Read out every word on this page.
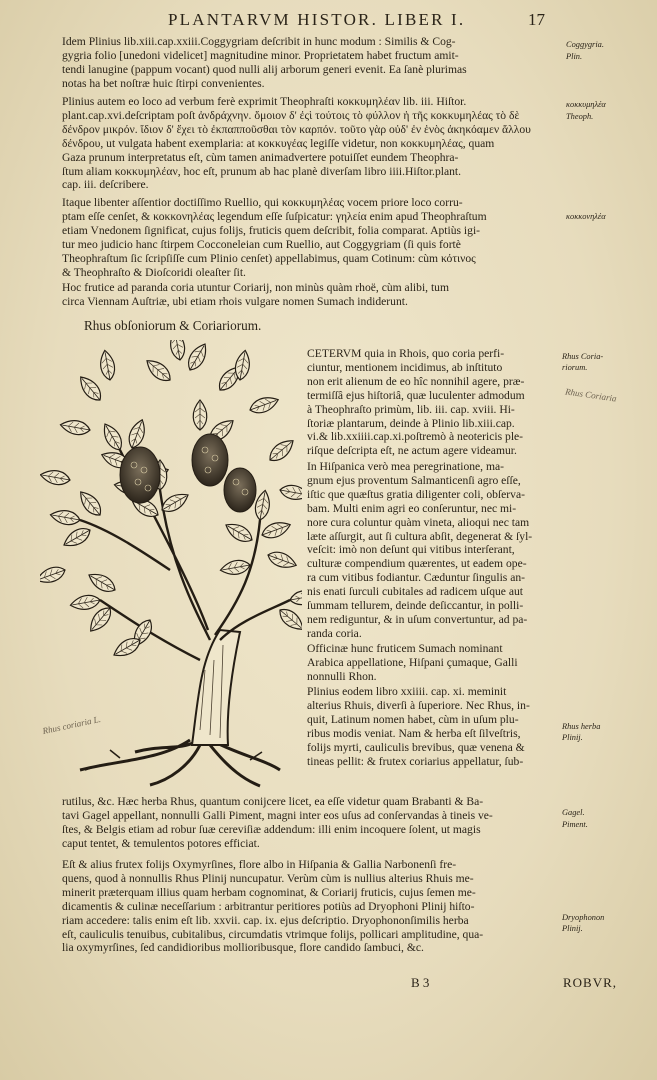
PLANTARVM HISTOR. LIBER I.	17
Idem Plinius lib.xiii.cap.xxiii.Coggygriam deſcribit in hunc modum : Similis & Cog-
gygria folio [unedoni videlicet] magnitudine minor. Proprietatem habet fructum amit-
tendi lanugine (pappum vocant) quod nulli alij arborum generi evenit. Ea ſanè plurimas
notas ha bet noſtræ huic ſtirpi convenientes.
Plinius autem eo loco ad verbum ferè exprimit Theophraſti κοκκυμηλέαν lib. iii. Hiſtor.
plant.cap.xvi.deſcriptam poſt ἀνδράχνην. ὅμοιον δ' ἐςὶ τούτοις τὸ φύλλον ἡ τῆς κοκκυμηλέας τὸ δὲ
δένδρον μικρόν. ἴδιον δ' ἔχει τὸ ἐκπαπποῦσθαι τὸν καρπόν. τοῦτο γὰρ οὐδ' ἐν ἑνὸς ἀκηκόαμεν ἄλλου
δένδρου, ut vulgata habent exemplaria: at κοκκυγέας legiſſe videtur, non κοκκυμηλέας, quam
Gaza prunum interpretatus eſt, cùm tamen animadvertere potuiſſet eundem Theophra-
ſtum aliam κοκκυμηλέαν, hoc eſt, prunum ab hac planè diverſam libro iiii.Hiſtor.plant.
cap. iii. deſcribere.
Itaque libenter aſſentior doctiſſimo Ruellio, qui κοκκυμηλέας vocem priore loco corru-
ptam eſſe cenſet, & κοκκονηλέας legendum eſſe ſuſpicatur: γηλεία enim apud Theophraſtum
etiam Vnedonem ſignificat, cujus folijs, fruticis quem deſcribit, folia comparat. Aptiùs igi-
tur meo judicio hanc ſtirpem Cocconeleian cum Ruellio, aut Coggygriam (ſi quis fortè
Theophraſtum ſic ſcripſiſſe cum Plinio cenſet) appellabimus, quam Cotinum: cùm κότινος
& Theophraſto & Dioſcoridi oleaſter ſit.
Hoc frutice ad paranda coria utuntur Coriarij, non minùs quàm rhoë, cùm alibi, tum
circa Viennam Auſtriæ, ubi etiam rhois vulgare nomen Sumach indiderunt.
Rhus obſoniorum & Coriariorum.
CETERVM quia in Rhois, quo coria perfi-
ciuntur, mentionem incidimus, ab inſtituto
non erit alienum de eo hîc nonnihil agere, præ-
termiſſâ ejus hiſtoriâ, quæ luculenter admodum
à Theophraſto primùm, lib. iii. cap. xviii. Hi-
ſtoriæ plantarum, deinde à Plinio lib.xiii.cap.
vi.& lib.xxiiii.cap.xi.poſtremò à neotericis ple-
riſque deſcripta eſt, ne actum agere videamur.
In Hiſpanica verò mea peregrinatione, ma-
gnum ejus proventum Salmanticenſi agro eſſe,
iſtic que quæſtus gratia diligenter coli, obſerva-
bam. Multi enim agri eo conſeruntur, nec mi-
nore cura coluntur quàm vineta, alioqui nec tam
læte aſſurgit, aut ſi cultura abſit, degenerat & ſyl-
veſcit: imò non deſunt qui vitibus interſerant,
culturæ compendium quærentes, ut eadem ope-
ra cum vitibus fodiantur. Cæduntur ſingulis an-
nis enati ſurculi cubitales ad radicem uſque aut
ſummam tellurem, deinde deſiccantur, in polli-
nem rediguntur, & in uſum convertuntur, ad pa-
randa coria.
Officinæ hunc fruticem Sumach nominant
Arabica appellatione, Hiſpani çumaque, Galli
nonnulli Rhon.
Plinius eodem libro xxiiii. cap. xi. meminit
alterius Rhuis, diverſi à ſuperiore. Nec Rhus, in-
quit, Latinum nomen habet, cùm in uſum plu-
ribus modis veniat. Nam & herba eſt ſilveſtris,
folijs myrti, cauliculis brevibus, quæ venena &
tineas pellit: & frutex coriarius appellatur, ſub-
rutilus, &c. Hæc herba Rhus, quantum conijcere licet, ea eſſe videtur quam Brabanti & Ba-
tavi Gagel appellant, nonnulli Galli Piment, magni inter eos uſus ad conſervandas à tineis ve-
ſtes, & Belgis etiam ad robur ſuæ cereviſiæ addendum: illi enim incoquere ſolent, ut magis
caput tentet, & temulentos potores efficiat.
Eſt & alius frutex folijs Oxymyrſines, flore albo in Hiſpania & Gallia Narbonenſi fre-
quens, quod à nonnullis Rhus Plinij nuncupatur. Verùm cùm is nullius alterius Rhuis me-
minerit præterquam illius quam herbam cognominat, & Coriarij fruticis, cujus ſemen me-
dicamentis & culinæ neceſſarium : arbitrantur peritiores potiùs ad Dryophoni Plinij hiſto-
riam accedere: talis enim eſt lib. xxvii. cap. ix. ejus deſcriptio. Dryophononſimilis herba
eſt, cauliculis tenuibus, cubitalibus, circumdatis vtrimque folijs, pollicari amplitudine, qua-
lia oxymyrſines, ſed candidioribus mollioribusque, flore candido ſambuci, &c.
Coggygria.
Plin.
κοκκυμηλέα
Theoph.
κοκκονηλέα
Rhus Coria-
riorum.
Rhus herba
Plinij.
Gagel.
Piment.
Dryophonon
Plinij.
Rhus Coriaria
Rhus coriaria L.
B 3	ROBVR,
